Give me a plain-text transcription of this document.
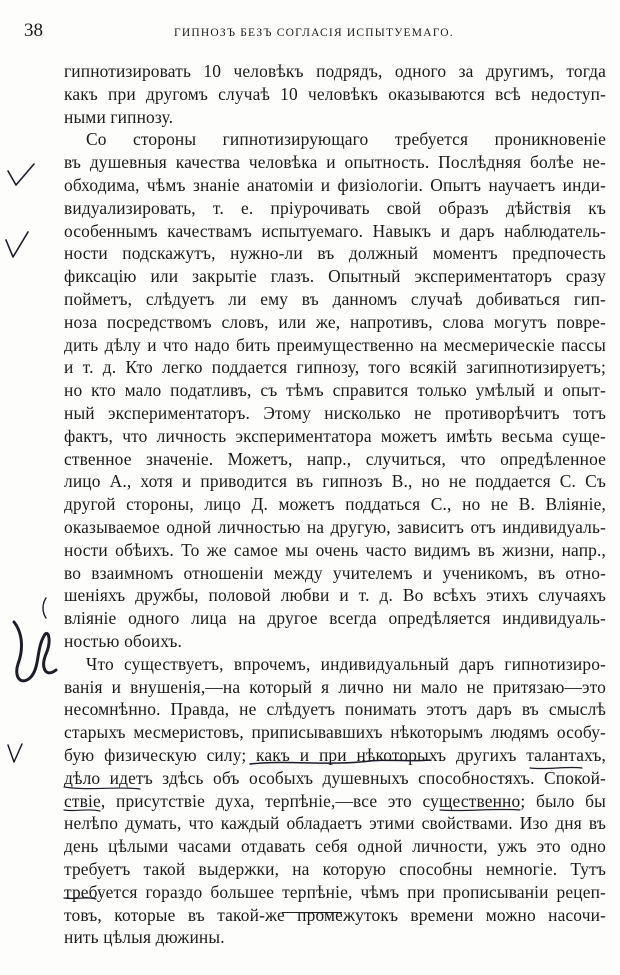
38	ГИПНОЗЪ БЕЗЪ СОГЛАСІЯ ИСПЫТУЕМАГО.
гипнотизировать 10 человѣкъ подрядъ, одного за другимъ, тогда
какъ при другомъ случаѣ 10 человѣкъ оказываются всѣ недоступ-
ными гипнозу.
Со стороны гипнотизирующаго требуется проникновеніе
въ душевныя качества человѣка и опытность. Послѣдняя болѣе не-
обходима, чѣмъ знаніе анатоміи и физіологіи. Опытъ научаетъ инди-
видуализировать, т. е. пріурочивать свой образъ дѣйствія къ
особеннымъ качествамъ испытуемаго. Навыкъ и даръ наблюдатель-
ности подскажутъ, нужно-ли въ должный моментъ предпочесть
фиксацію или закрытіе глазъ. Опытный экспериментаторъ сразу
пойметъ, слѣдуетъ ли ему въ данномъ случаѣ добиваться гип-
ноза посредствомъ словъ, или же, напротивъ, слова могутъ повре-
дить дѣлу и что надо бить преимущественно на месмерическіе пассы
и т. д. Кто легко поддается гипнозу, того всякій загипнотизируетъ;
но кто мало податливъ, съ тѣмъ справится только умѣлый и опыт-
ный экспериментаторъ. Этому нисколько не противорѣчитъ тотъ
фактъ, что личность экспериментатора можетъ имѣть весьма суще-
ственное значеніе. Можетъ, напр., случиться, что опредѣленное
лицо А., хотя и приводится въ гипнозъ В., но не поддается С. Съ
другой стороны, лицо Д. можетъ поддаться С., но не В. Вліяніе,
оказываемое одной личностью на другую, зависитъ отъ индивидуаль-
ности обѣихъ. То же самое мы очень часто видимъ въ жизни, напр.,
во взаимномъ отношеніи между учителемъ и ученикомъ, въ отно-
шеніяхъ дружбы, половой любви и т. д. Во всѣхъ этихъ случаяхъ
вліяніе одного лица на другое всегда опредѣляется индивидуаль-
ностью обоихъ.
Что существуетъ, впрочемъ, индивидуальный даръ гипнотизиро-
ванія и внушенія,—на который я лично ни мало не притязаю—это
несомнѣнно. Правда, не слѣдуетъ понимать этотъ даръ въ смыслѣ
старыхъ месмеристовъ, приписывавшихъ нѣкоторымъ людямъ особу-
бую физическую силу; какъ и при нѣкоторыхъ другихъ талантахъ,
дѣло идетъ здѣсь объ особыхъ душевныхъ способностяхъ. Спокой-
ствіе, присутствіе духа, терпѣніе,—все это существенно; было бы
нелѣпо думать, что каждый обладаетъ этими свойствами. Изо дня въ
день цѣлыми часами отдавать себя одной личности, ужъ это одно
требуетъ такой выдержки, на которую способны немногіе. Тутъ
требуется гораздо большее терпѣніе, чѣмъ при прописываніи рецеп-
товъ, которые въ такой-же промежутокъ времени можно насочи-
нить цѣлыя дюжины.
